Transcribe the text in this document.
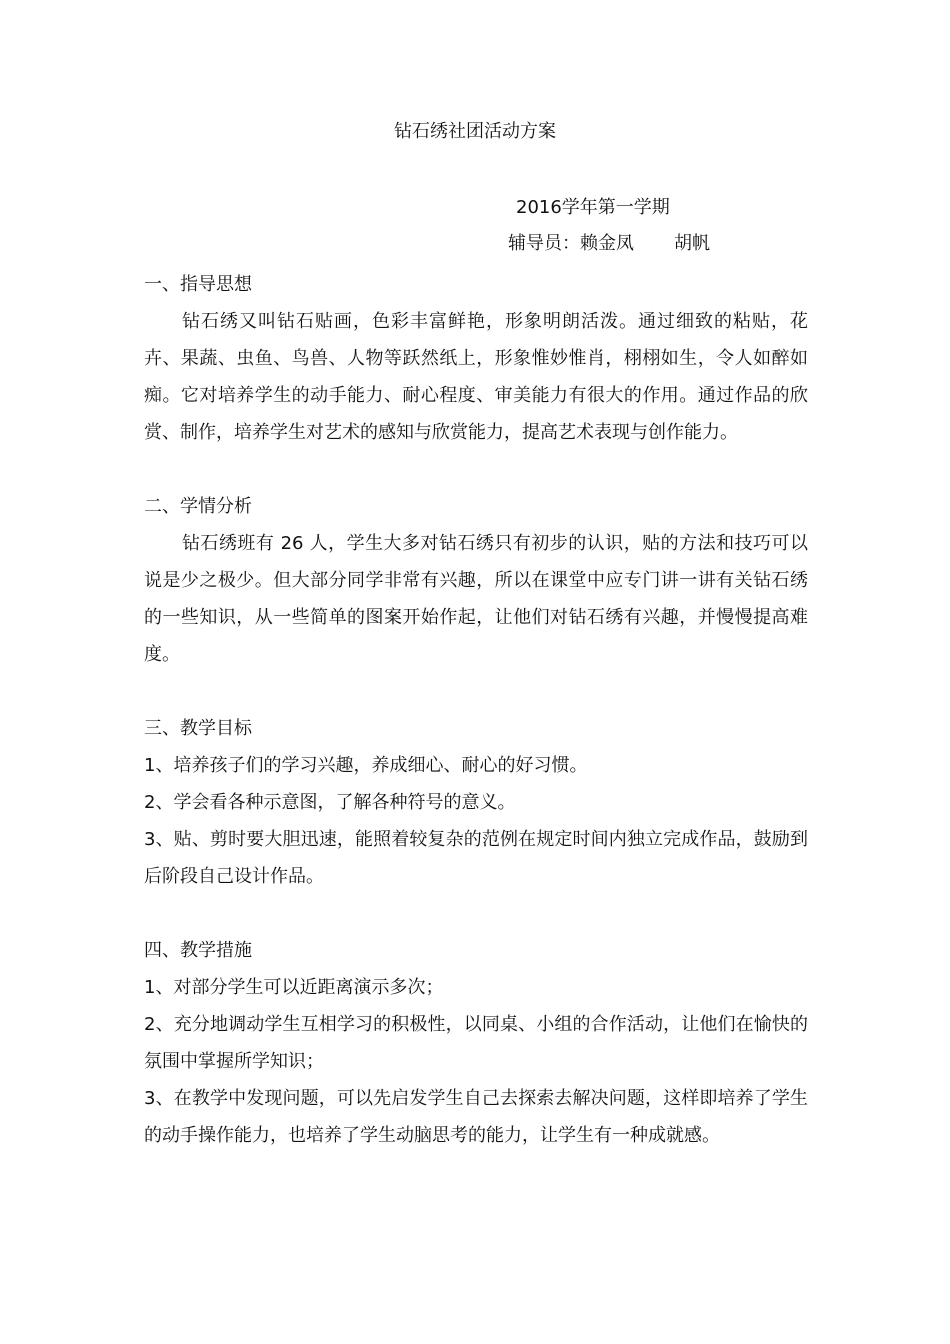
钻石绣社团活动方案
2016学年第一学期
辅导员：赖金凤 胡帆

一、指导思想

钻石绣又叫钻石贴画，色彩丰富鲜艳，形象明朗活泼。通过细致的粘贴，花卉、果蔬、虫鱼、鸟兽、人物等跃然纸上，形象惟妙惟肖，栩栩如生，令人如醉如痴。它对培养学生的动手能力、耐心程度、审美能力有很大的作用。通过作品的欣赏、制作，培养学生对艺术的感知与欣赏能力，提高艺术表现与创作能力。

二、学情分析

钻石绣班有 26 人，学生大多对钻石绣只有初步的认识，贴的方法和技巧可以说是少之极少。但大部分同学非常有兴趣，所以在课堂中应专门讲一讲有关钻石绣的一些知识，从一些简单的图案开始作起，让他们对钻石绣有兴趣，并慢慢提高难度。

三、教学目标

1、培养孩子们的学习兴趣，养成细心、耐心的好习惯。

2、学会看各种示意图，了解各种符号的意义。

3、贴、剪时要大胆迅速，能照着较复杂的范例在规定时间内独立完成作品，鼓励到后阶段自己设计作品。

四、教学措施

1、对部分学生可以近距离演示多次；

2、充分地调动学生互相学习的积极性，以同桌、小组的合作活动，让他们在愉快的氛围中掌握所学知识；

3、在教学中发现问题，可以先启发学生自己去探索去解决问题，这样即培养了学生的动手操作能力，也培养了学生动脑思考的能力，让学生有一种成就感。
